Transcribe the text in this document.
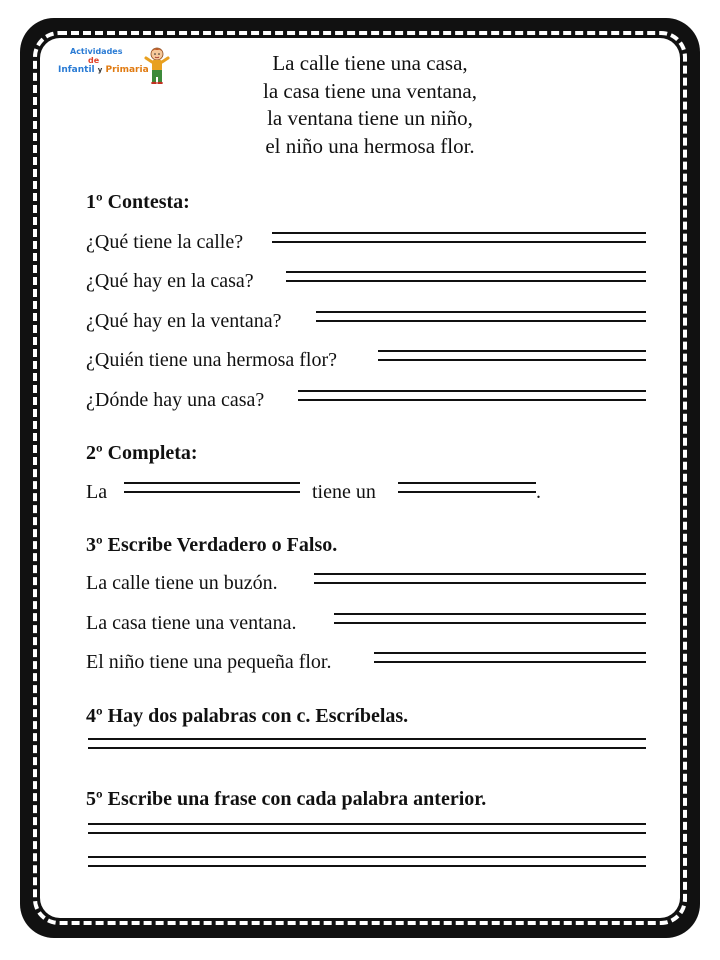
Actividades
de
Infantil y Primaria	La calle tiene una casa,
la casa tiene una ventana,
la ventana tiene un niño,
el niño una hermosa flor.
1º Contesta:
¿Qué tiene la calle?
¿Qué hay en la casa?
¿Qué hay en la ventana?
¿Quién tiene una hermosa flor?
¿Dónde hay una casa?
2º Completa:
La	tiene un	.
3º Escribe Verdadero o Falso.
La calle tiene un buzón.
La casa tiene una ventana.
El niño tiene una pequeña flor.
4º Hay dos palabras con c. Escríbelas.
5º Escribe una frase con cada palabra anterior.
